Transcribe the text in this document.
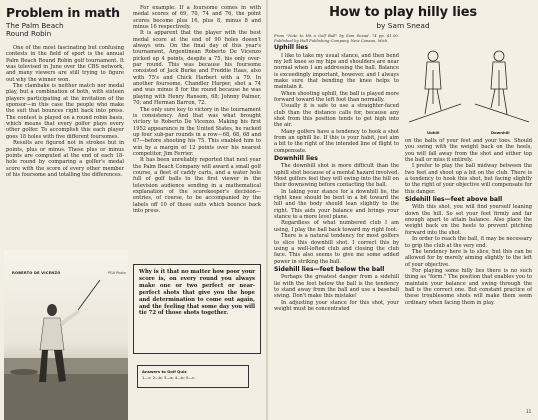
Problem in math
The Palm Beach
Round Robin

One of the most fascinating but confusing contests in the field of sport is the annual Palm Beach Round Robin golf tournament. It was televised in June over the CBS network, and many viewers are still trying to figure out why the winner won.

The clambake is neither match nor medal play, but a combination of both, with sixteen players participating at the invitation of the sponsor—in this case the people who make the suit that bounces right back into press. The contest is played on a round robin basis, which means that every golfer plays every other golfer. To accomplish this each player goes 18 holes with five different foursomes.

Results are figured not in strokes but in points, plus or minus. These plus or minus points are computed at the end of each 18-hole round by comparing a golfer's medal score with the score of every other member of his foursome and totalling the differences.

ROBERTO DE VICENZO	PGA Photo

For example: If a foursome comes in with medal scores of 69, 70, 74 and 76, the point scores become plus 16, plus 8, minus 8 and minus 16 respectively.

It is apparent that the player with the best medal score at the end of 90 holes doesn't always win. On the final day of this year's tournament, Argentinean Roberto De Vicenzo picked up 4 points, despite a 75, his only over-par round. This was because his foursome consisted of Jack Burke and Freddie Haas, also with 75's and Chick Harbert with a 79. In another foursome, Chandler Harper, shot a 74 and was minus 8 for the round because he was playing with Henry Ransom, 68; Johnny Palmer, 70; and Herman Barron, 72.

The only sure key to victory in the tournament is consistency. And that was what brought victory to Roberto De Vicenzo. Making his first 1952 appearance in the United States, he racked up four sub-par rounds in a row—68, 68, 68 and 67—before shooting his 75. This enabled him to win by a margin of 12 points over his nearest competitor, Jim Ferrier.

It has been unreliably reported that next year the Palm Beach Company will award a small golf course, a fleet of caddy carts, and a water hole full of golf balls to the first viewer in the television audience sending in a mathematical explanation of the scorekeeper's decision—entries, of course, to be accompanied by the labels off 10 of those suits which bounce back into press.

Why is it that no matter how poor your score is, on every round you always make one or two perfect or near-perfect shots that give you the hope and determination to come out again, and the feeling that some day you will tie 72 of those shots together.
Answers to Golf Quiz
1—c; 2—b; 3—a; 4—b; 5—c.
How to play hilly lies
by Sam Snead
From "Note to Hit a Golf Ball" by Sam Snead. 74 pp. $1.00. Published by Hall Publishing Company, New Canaan, Mich.
Uphill lies

I like to take my usual stance, and then bend my left knee so my hips and shoulders are near normal when I am addressing the ball. Balance is exceedingly important, however, and I always make sure that bending the knee helps to maintain it.

When shooting uphill, the ball is played more forward toward the left foot than normally.

Usually it is safe to use a straighter-faced club than the distance calls for, because any shot from this position tends to get high into the air.

Many golfers have a tendency to hook a shot from an uphill lie. If this is your habit, just aim a bit to the right of the intended line of flight to compensate.

Downhill lies

The downhill shot is more difficult than the uphill shot because of a mental hazard involved. Most golfers feel they will swing into the hill on their downswing before contacting the ball.

In taking your stance for a downhill lie, the right knee should be bent in a bit toward the hill and the body should lean slightly to the right. This aids your balance and brings your stance to a more level plane.

Regardless of what numbered club I am using, I play the ball back toward my right foot.

There is a natural tendency for most golfers to slice this downhill shot. I correct this by using a well-lofted club and closing the club face. This also seems to give me some added power in striking the ball.

Sidehill lies—feet below the ball

Perhaps the greatest danger from a sidehill lie with the feet below the ball is the tendency to stand away from the ball and use a baseball swing. Don't make this mistake!

In adjusting your stance for this shot, your weight must be concentrated

Uphill	Downhill

on the balls of your feet and your toes. Should you swing with the weight back on the heels, you will fall away from the shot and either top the ball or miss it entirely.

I prefer to play the ball midway between the two feet and shoot up a bit on the club. There is a tendency to hook this shot, but facing slightly to the right of your objective will compensate for this danger.

Sidehill lies—feet above ball

With this shot, you will find yourself leaning down the hill. So set your feet firmly and far enough apart to attain balance. Also place the weight back on the heels to prevent pitching forward into the shot.

In order to reach the ball, it may be necessary to grip the club at the very end.

The tendency here is to slice, but this can be allowed for by merely aiming slightly to the left of your objective.

For playing some hilly lies there is no such thing as "form." The position that enables you to maintain your balance and swing through the ball is the correct one. But constant practice of these troublesome shots will make them seem ordinary when facing them in play.

11
